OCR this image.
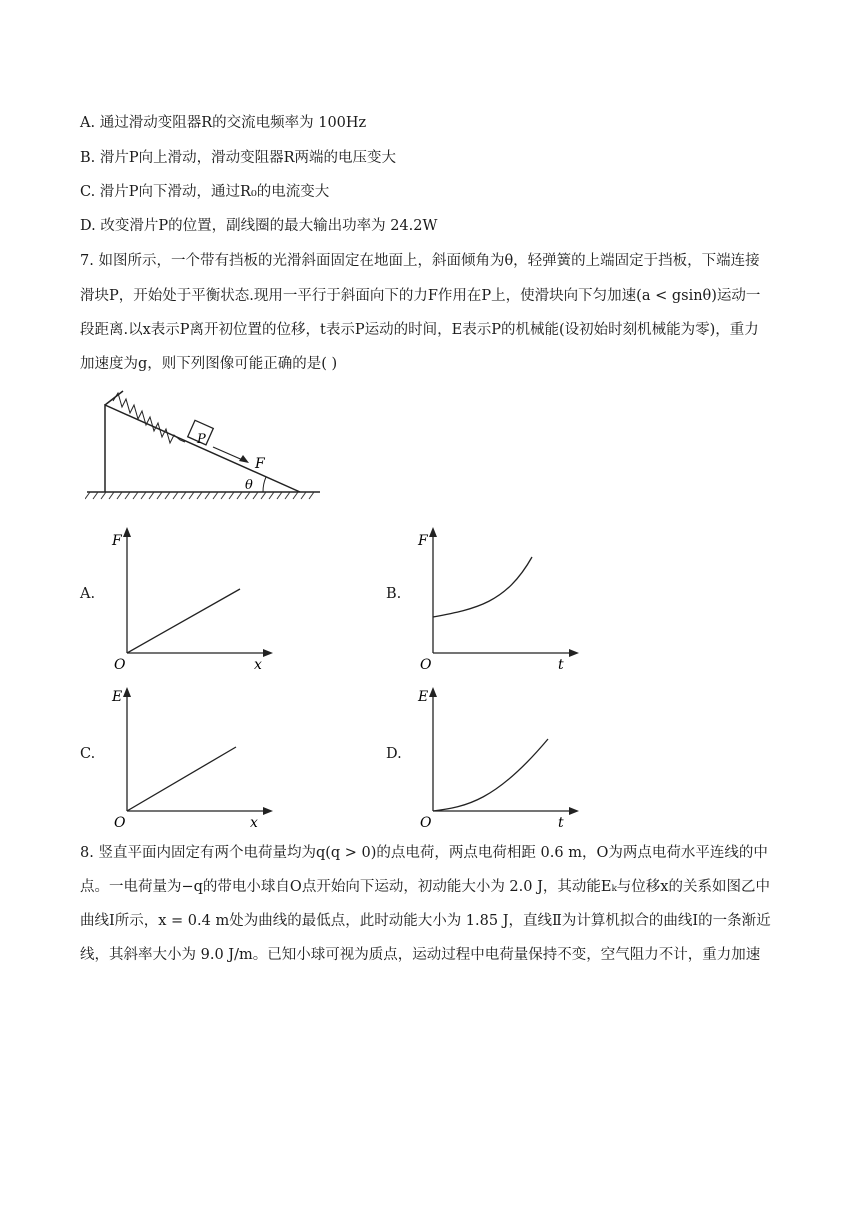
A. 通过滑动变阻器R的交流电频率为 100Hz
B. 滑片P向上滑动，滑动变阻器R两端的电压变大
C. 滑片P向下滑动，通过R₀的电流变大
D. 改变滑片P的位置，副线圈的最大输出功率为 24.2W
7. 如图所示，一个带有挡板的光滑斜面固定在地面上，斜面倾角为θ，轻弹簧的上端固定于挡板，下端连接
滑块P，开始处于平衡状态.现用一平行于斜面向下的力F作用在P上，使滑块向下匀加速(a < gsinθ)运动一
段距离.以x表示P离开初位置的位移，t表示P运动的时间，E表示P的机械能(设初始时刻机械能为零)，重力
加速度为g，则下列图像可能正确的是( )
P
F
θ
A.	B.
C.	D.
F
O	x
F
O	t
E
O	x
E
O	t
8. 竖直平面内固定有两个电荷量均为q(q > 0)的点电荷，两点电荷相距 0.6 m，O为两点电荷水平连线的中
点。一电荷量为−q的带电小球自O点开始向下运动，初动能大小为 2.0 J，其动能Eₖ与位移x的关系如图乙中
曲线Ⅰ所示，x = 0.4 m处为曲线的最低点，此时动能大小为 1.85 J，直线Ⅱ为计算机拟合的曲线Ⅰ的一条渐近
线，其斜率大小为 9.0 J/m。已知小球可视为质点，运动过程中电荷量保持不变，空气阻力不计，重力加速
